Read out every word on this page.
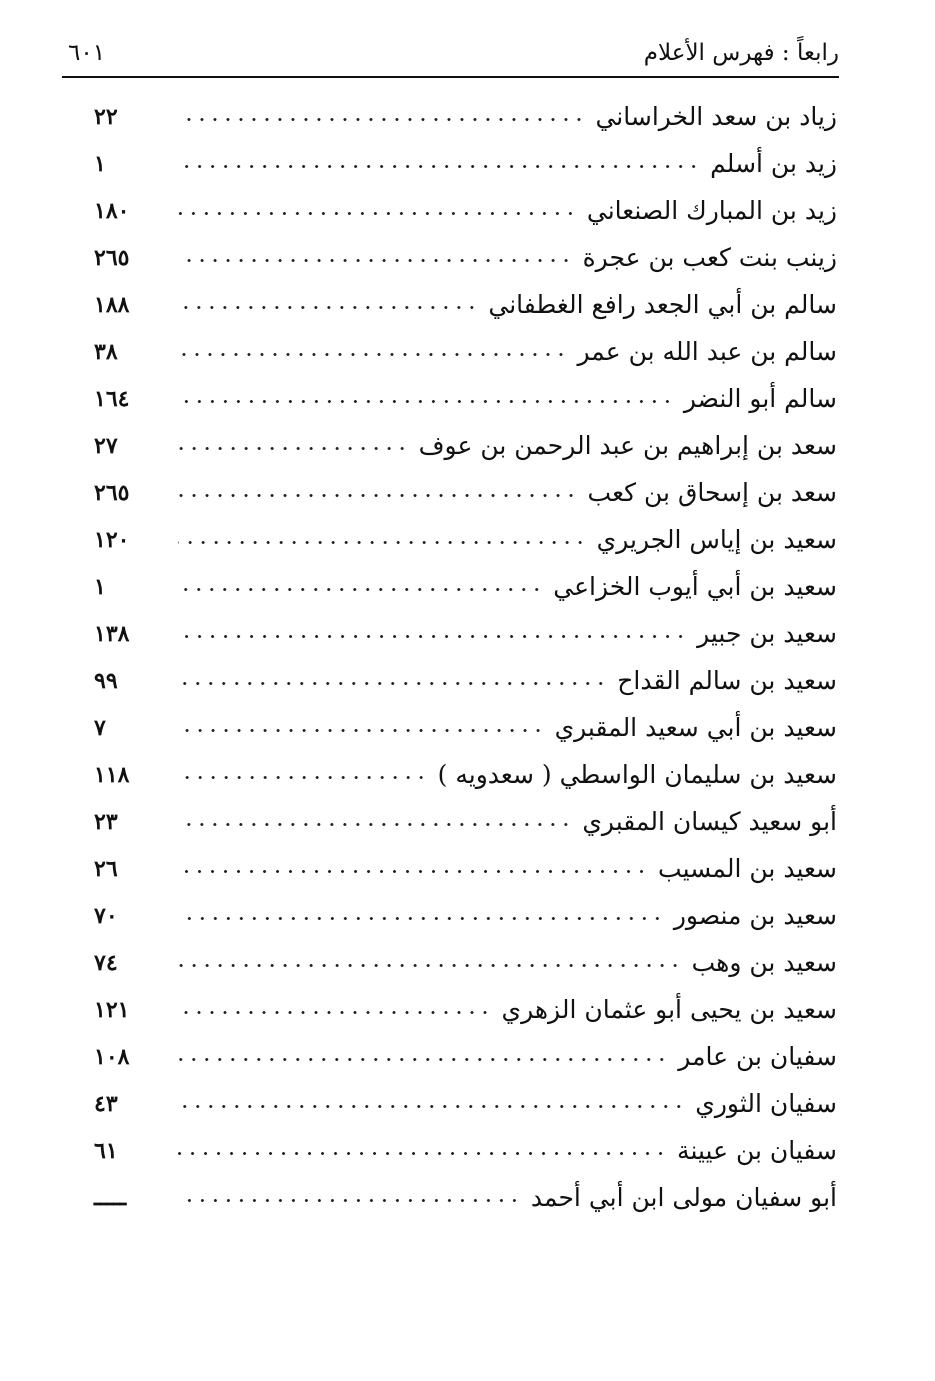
رابعاً : فهرس الأعلام
٦٠١
زياد بن سعد الخراساني
٢٢
زيد بن أسلم
١
زيد بن المبارك الصنعاني
١٨٠
زينب بنت كعب بن عجرة
٢٦٥
سالم بن أبي الجعد رافع الغطفاني
١٨٨
سالم بن عبد الله بن عمر
٣٨
سالم أبو النضر
١٦٤
سعد بن إبراهيم بن عبد الرحمن بن عوف
٢٧
سعد بن إسحاق بن كعب
٢٦٥
سعيد بن إياس الجريري
١٢٠
سعيد بن أبي أيوب الخزاعي
١
سعيد بن جبير
١٣٨
سعيد بن سالم القداح
٩٩
سعيد بن أبي سعيد المقبري
٧
سعيد بن سليمان الواسطي ( سعدويه )
١١٨
أبو سعيد كيسان المقبري
٢٣
سعيد بن المسيب
٢٦
سعيد بن منصور
٧٠
سعيد بن وهب
٧٤
سعيد بن يحيى أبو عثمان الزهري
١٢١
سفيان بن عامر
١٠٨
سفيان الثوري
٤٣
سفيان بن عيينة
٦١
أبو سفيان مولى ابن أبي أحمد
ـــــ
